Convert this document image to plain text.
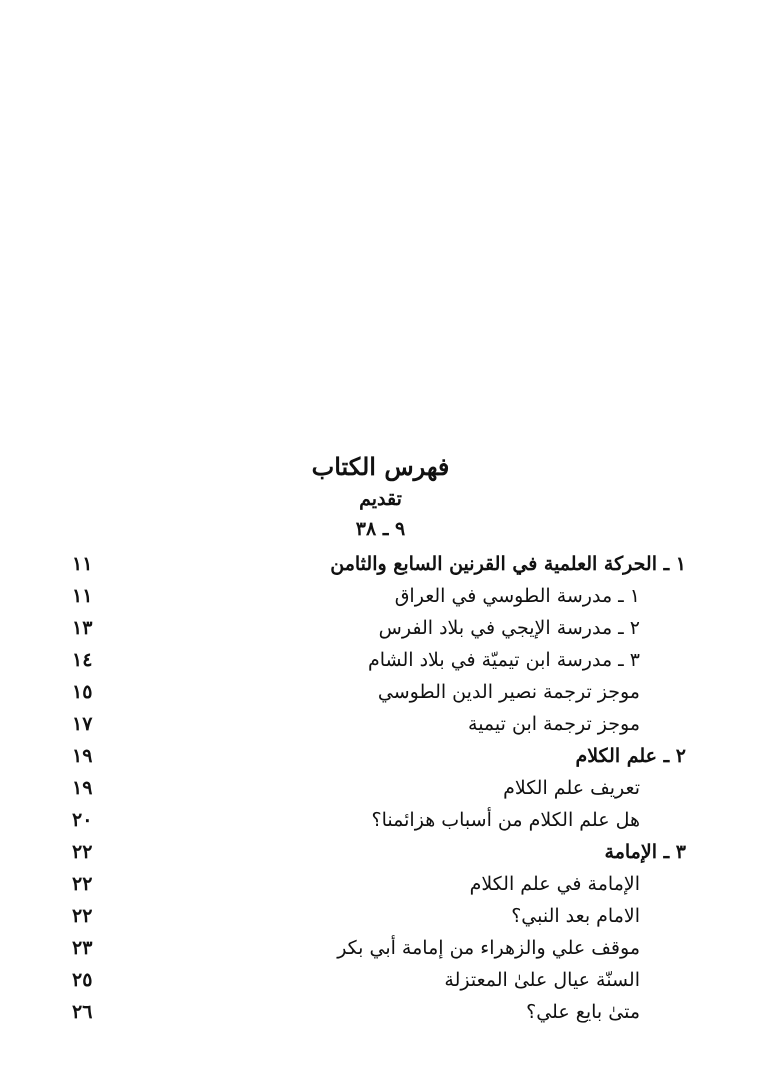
فهرس الكتاب
تقديم
٩ ـ ٣٨
١ ـ الحركة العلمية في القرنين السابع والثامن
١١
١ ـ مدرسة الطوسي في العراق
١١
٢ ـ مدرسة الإيجي في بلاد الفرس
١٣
٣ ـ مدرسة ابن تيميّة في بلاد الشام
١٤
موجز ترجمة نصير الدين الطوسي
١٥
موجز ترجمة ابن تيمية
١٧
٢ ـ علم الكلام
١٩
تعريف علم الكلام
١٩
هل علم الكلام من أسباب هزائمنا؟
٢٠
٣ ـ الإمامة
٢٢
الإمامة في علم الكلام
٢٢
الامام بعد النبي؟
٢٢
موقف علي والزهراء من إمامة أبي بكر
٢٣
السنّة عيال علىٰ المعتزلة
٢٥
متىٰ بايع علي؟
٢٦
